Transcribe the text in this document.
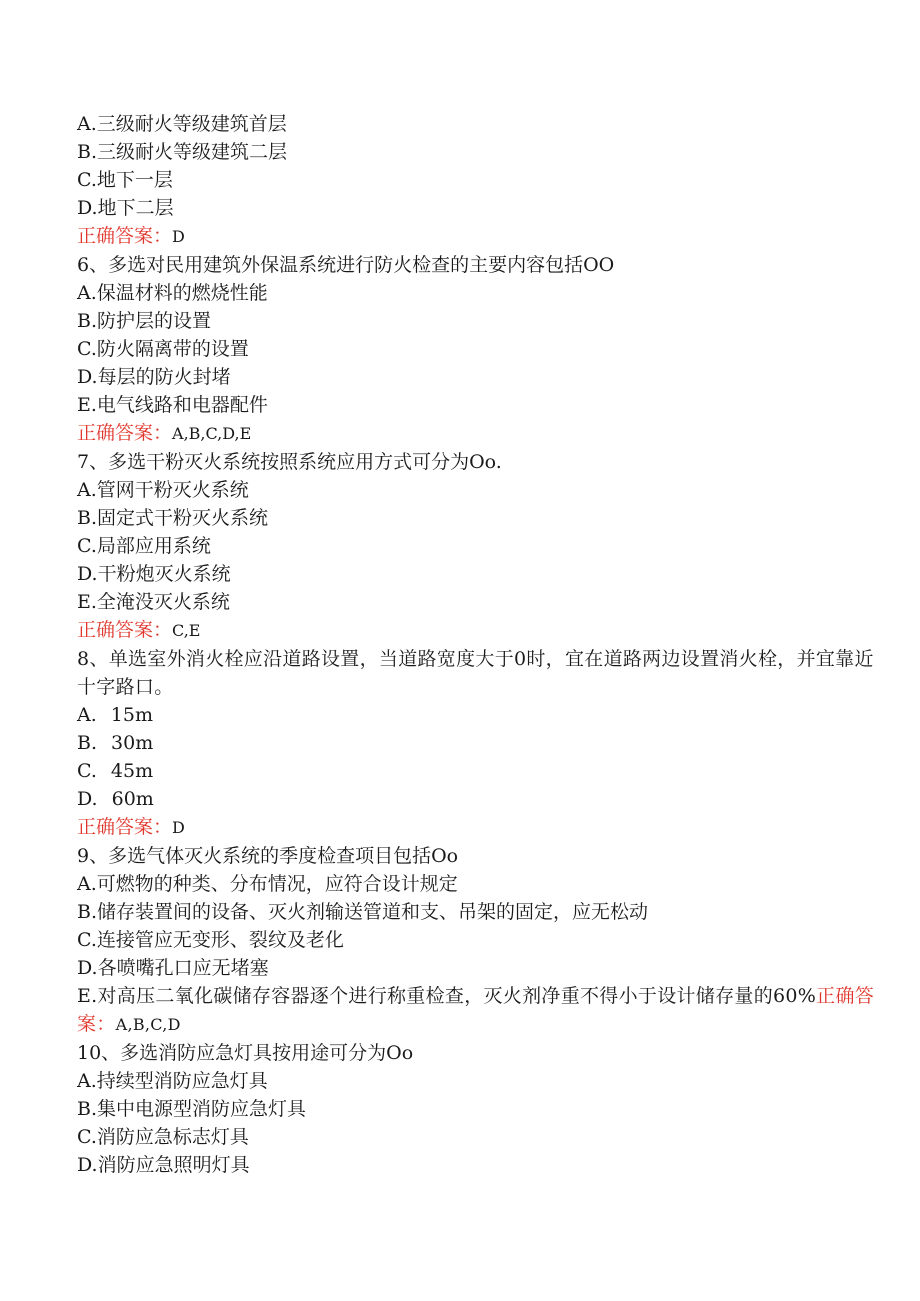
A.三级耐火等级建筑首层
B.三级耐火等级建筑二层
C.地下一层
D.地下二层
正确答案：D
6、多选对民用建筑外保温系统进行防火检查的主要内容包括OO
A.保温材料的燃烧性能
B.防护层的设置
C.防火隔离带的设置
D.每层的防火封堵
E.电气线路和电器配件
正确答案：A,B,C,D,E
7、多选干粉灭火系统按照系统应用方式可分为Oo.
A.管网干粉灭火系统
B.固定式干粉灭火系统
C.局部应用系统
D.干粉炮灭火系统
E.全淹没灭火系统
正确答案：C,E
8、单选室外消火栓应沿道路设置，当道路宽度大于0时，宜在道路两边设置消火栓，并宜靠近十字路口。
A. 15m
B. 30m
C. 45m
D. 60m
正确答案：D
9、多选气体灭火系统的季度检查项目包括Oo
A.可燃物的种类、分布情况，应符合设计规定
B.储存装置间的设备、灭火剂输送管道和支、吊架的固定，应无松动
C.连接管应无变形、裂纹及老化
D.各喷嘴孔口应无堵塞
E.对高压二氧化碳储存容器逐个进行称重检查，灭火剂净重不得小于设计储存量的60%正确答案：A,B,C,D
10、多选消防应急灯具按用途可分为Oo
A.持续型消防应急灯具
B.集中电源型消防应急灯具
C.消防应急标志灯具
D.消防应急照明灯具
